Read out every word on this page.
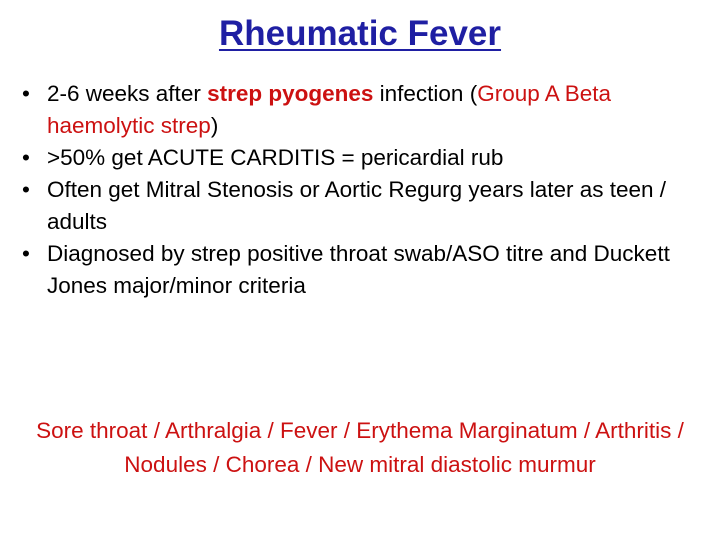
Rheumatic Fever
• 2-6 weeks after strep pyogenes infection (Group A Beta haemolytic strep)
• >50% get ACUTE CARDITIS = pericardial rub
• Often get Mitral Stenosis or Aortic Regurg years later as teen / adults
• Diagnosed by strep positive throat swab/ASO titre and Duckett Jones major/minor criteria
Sore throat / Arthralgia / Fever / Erythema Marginatum / Arthritis / Nodules / Chorea / New mitral diastolic murmur
